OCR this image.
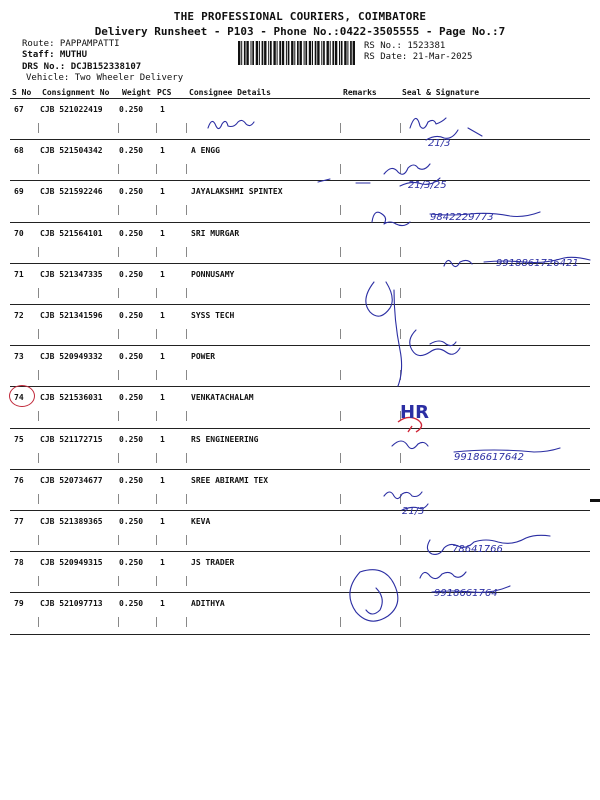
THE PROFESSIONAL COURIERS, COIMBATORE
Delivery Runsheet - P103 - Phone No.:0422-3505555 - Page No.:7
Route: PAPPAMPATTI
Staff: MUTHU
DRS No.: DCJB152338107
Vehicle: Two Wheeler Delivery
RS No.: 1523381
RS Date: 21-Mar-2025
S No Consignment No Weight PCS Consignee Details	Remarks	Seal & Signature
67 CJB 521022419 0.250 1
68 CJB 521504342 0.250 1	A ENGG
69 CJB 521592246 0.250 1	JAYALAKSHMI SPINTEX
70 CJB 521564101 0.250 1	SRI MURGAR
71 CJB 521347335 0.250 1	PONNUSAMY
72 CJB 521341596 0.250 1	SYSS TECH
73 CJB 520949332 0.250 1	POWER
74 CJB 521536031 0.250 1	VENKATACHALAM
75 CJB 521172715 0.250 1	RS ENGINEERING
76 CJB 520734677 0.250 1	SREE ABIRAMI TEX
77 CJB 521389365 0.250 1	KEVA
78 CJB 520949315 0.250 1	JS TRADER
79 CJB 521097713 0.250 1	ADITHYA
21/3
21/3/25
9842229773
9918861726421
99186617642
21/3
78641766
9918661764
HR
